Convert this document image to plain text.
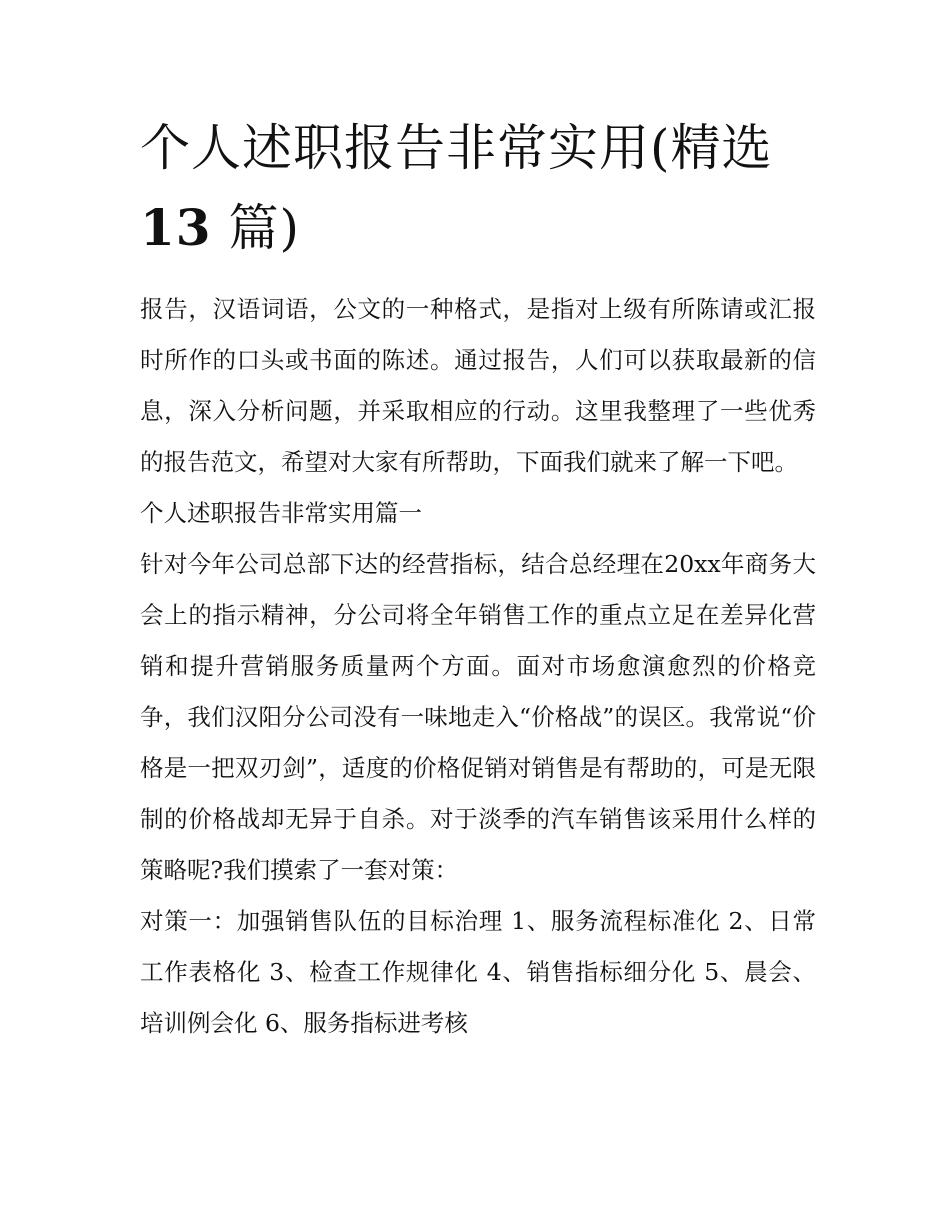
个人述职报告非常实用(精选
13 篇)

报告，汉语词语，公文的一种格式，是指对上级有所陈请或汇报时所作的口头或书面的陈述。通过报告，人们可以获取最新的信息，深入分析问题，并采取相应的行动。这里我整理了一些优秀的报告范文，希望对大家有所帮助，下面我们就来了解一下吧。

个人述职报告非常实用篇一

针对今年公司总部下达的经营指标，结合总经理在20xx年商务大会上的指示精神，分公司将全年销售工作的重点立足在差异化营销和提升营销服务质量两个方面。面对市场愈演愈烈的价格竞争，我们汉阳分公司没有一味地走入“价格战”的误区。我常说“价格是一把双刃剑”，适度的价格促销对销售是有帮助的，可是无限制的价格战却无异于自杀。对于淡季的汽车销售该采用什么样的策略呢?我们摸索了一套对策：

对策一：加强销售队伍的目标治理 1、服务流程标准化 2、日常工作表格化 3、检查工作规律化 4、销售指标细分化 5、晨会、培训例会化 6、服务指标进考核
